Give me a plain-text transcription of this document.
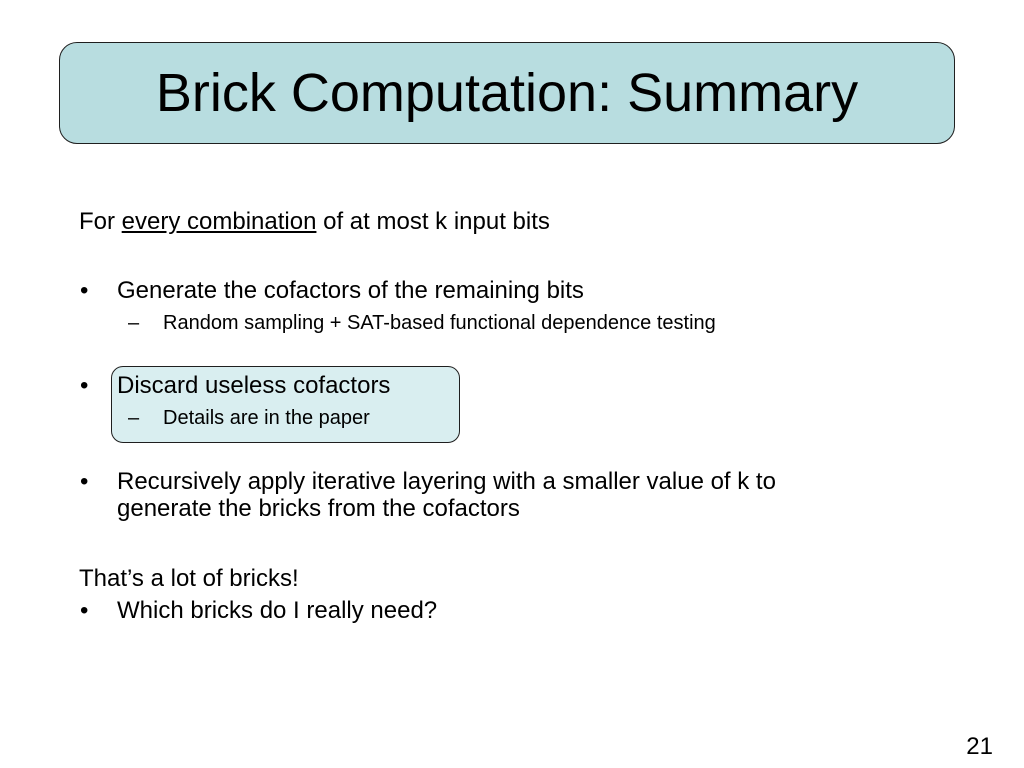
Brick Computation: Summary
For every combination of at most k input bits
• Generate the cofactors of the remaining bits
– Random sampling + SAT-based functional dependence testing
• Discard useless cofactors
– Details are in the paper
• Recursively apply iterative layering with a smaller value of k to
generate the bricks from the cofactors
That’s a lot of bricks!
• Which bricks do I really need?
21
